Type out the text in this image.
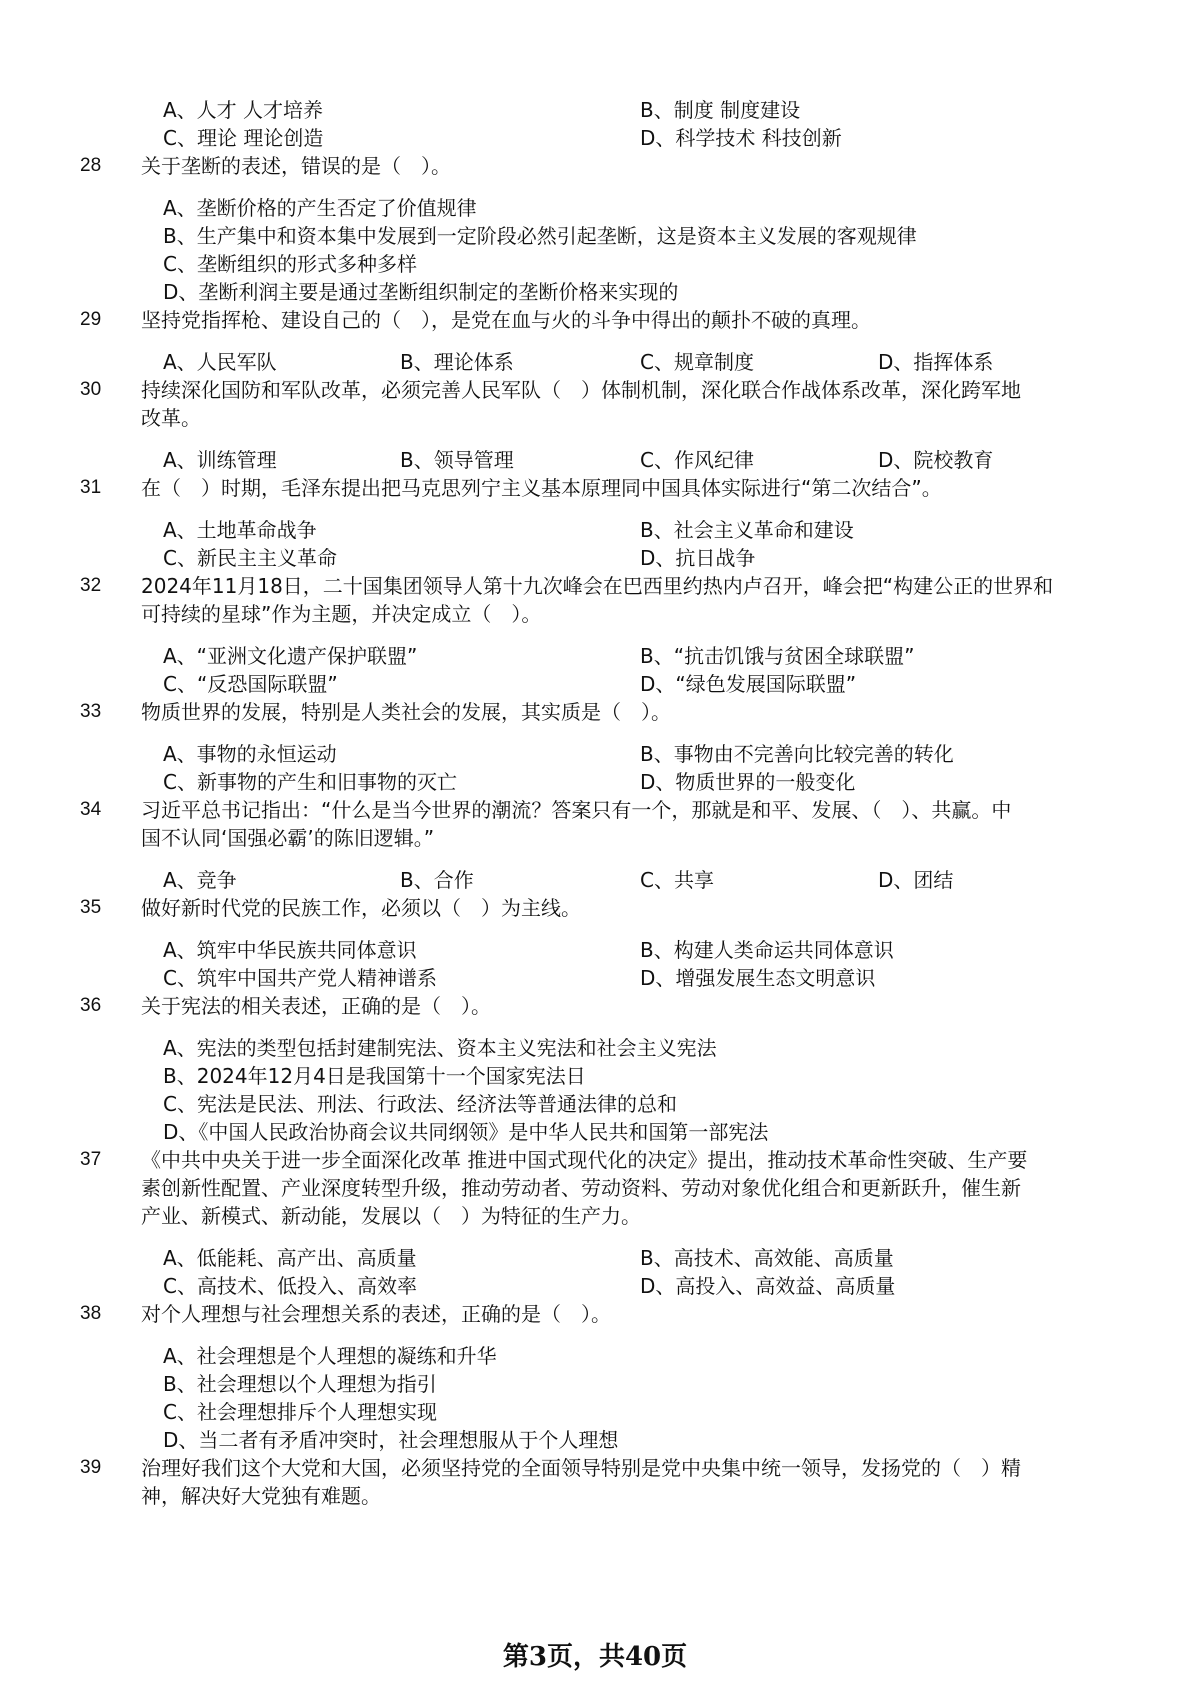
A、人才 人才培养	B、制度 制度建设
C、理论 理论创造	D、科学技术 科技创新
28	关于垄断的表述，错误的是（　）。
A、垄断价格的产生否定了价值规律
B、生产集中和资本集中发展到一定阶段必然引起垄断，这是资本主义发展的客观规律
C、垄断组织的形式多种多样
D、垄断利润主要是通过垄断组织制定的垄断价格来实现的
29	坚持党指挥枪、建设自己的（　），是党在血与火的斗争中得出的颠扑不破的真理。
A、人民军队	B、理论体系	C、规章制度	D、指挥体系
30	持续深化国防和军队改革，必须完善人民军队（　）体制机制，深化联合作战体系改革，深化跨军地
改革。
A、训练管理	B、领导管理	C、作风纪律	D、院校教育
31	在（　）时期，毛泽东提出把马克思列宁主义基本原理同中国具体实际进行“第二次结合”。
A、土地革命战争	B、社会主义革命和建设
C、新民主主义革命	D、抗日战争
32	2024年11月18日，二十国集团领导人第十九次峰会在巴西里约热内卢召开，峰会把“构建公正的世界和
可持续的星球”作为主题，并决定成立（　）。
A、“亚洲文化遗产保护联盟”	B、“抗击饥饿与贫困全球联盟”
C、“反恐国际联盟”	D、“绿色发展国际联盟”
33	物质世界的发展，特别是人类社会的发展，其实质是（　）。
A、事物的永恒运动	B、事物由不完善向比较完善的转化
C、新事物的产生和旧事物的灭亡	D、物质世界的一般变化
34	习近平总书记指出：“什么是当今世界的潮流？答案只有一个，那就是和平、发展、（　）、共赢。中
国不认同‘国强必霸’的陈旧逻辑。”
A、竞争	B、合作	C、共享	D、团结
35	做好新时代党的民族工作，必须以（　）为主线。
A、筑牢中华民族共同体意识	B、构建人类命运共同体意识
C、筑牢中国共产党人精神谱系	D、增强发展生态文明意识
36	关于宪法的相关表述，正确的是（　）。
A、宪法的类型包括封建制宪法、资本主义宪法和社会主义宪法
B、2024年12月4日是我国第十一个国家宪法日
C、宪法是民法、刑法、行政法、经济法等普通法律的总和
D、《中国人民政治协商会议共同纲领》是中华人民共和国第一部宪法
37	《中共中央关于进一步全面深化改革 推进中国式现代化的决定》提出，推动技术革命性突破、生产要
素创新性配置、产业深度转型升级，推动劳动者、劳动资料、劳动对象优化组合和更新跃升，催生新
产业、新模式、新动能，发展以（　）为特征的生产力。
A、低能耗、高产出、高质量	B、高技术、高效能、高质量
C、高技术、低投入、高效率	D、高投入、高效益、高质量
38	对个人理想与社会理想关系的表述，正确的是（　）。
A、社会理想是个人理想的凝练和升华
B、社会理想以个人理想为指引
C、社会理想排斥个人理想实现
D、当二者有矛盾冲突时，社会理想服从于个人理想
39	治理好我们这个大党和大国，必须坚持党的全面领导特别是党中央集中统一领导，发扬党的（　）精
神，解决好大党独有难题。
第3页，共40页
